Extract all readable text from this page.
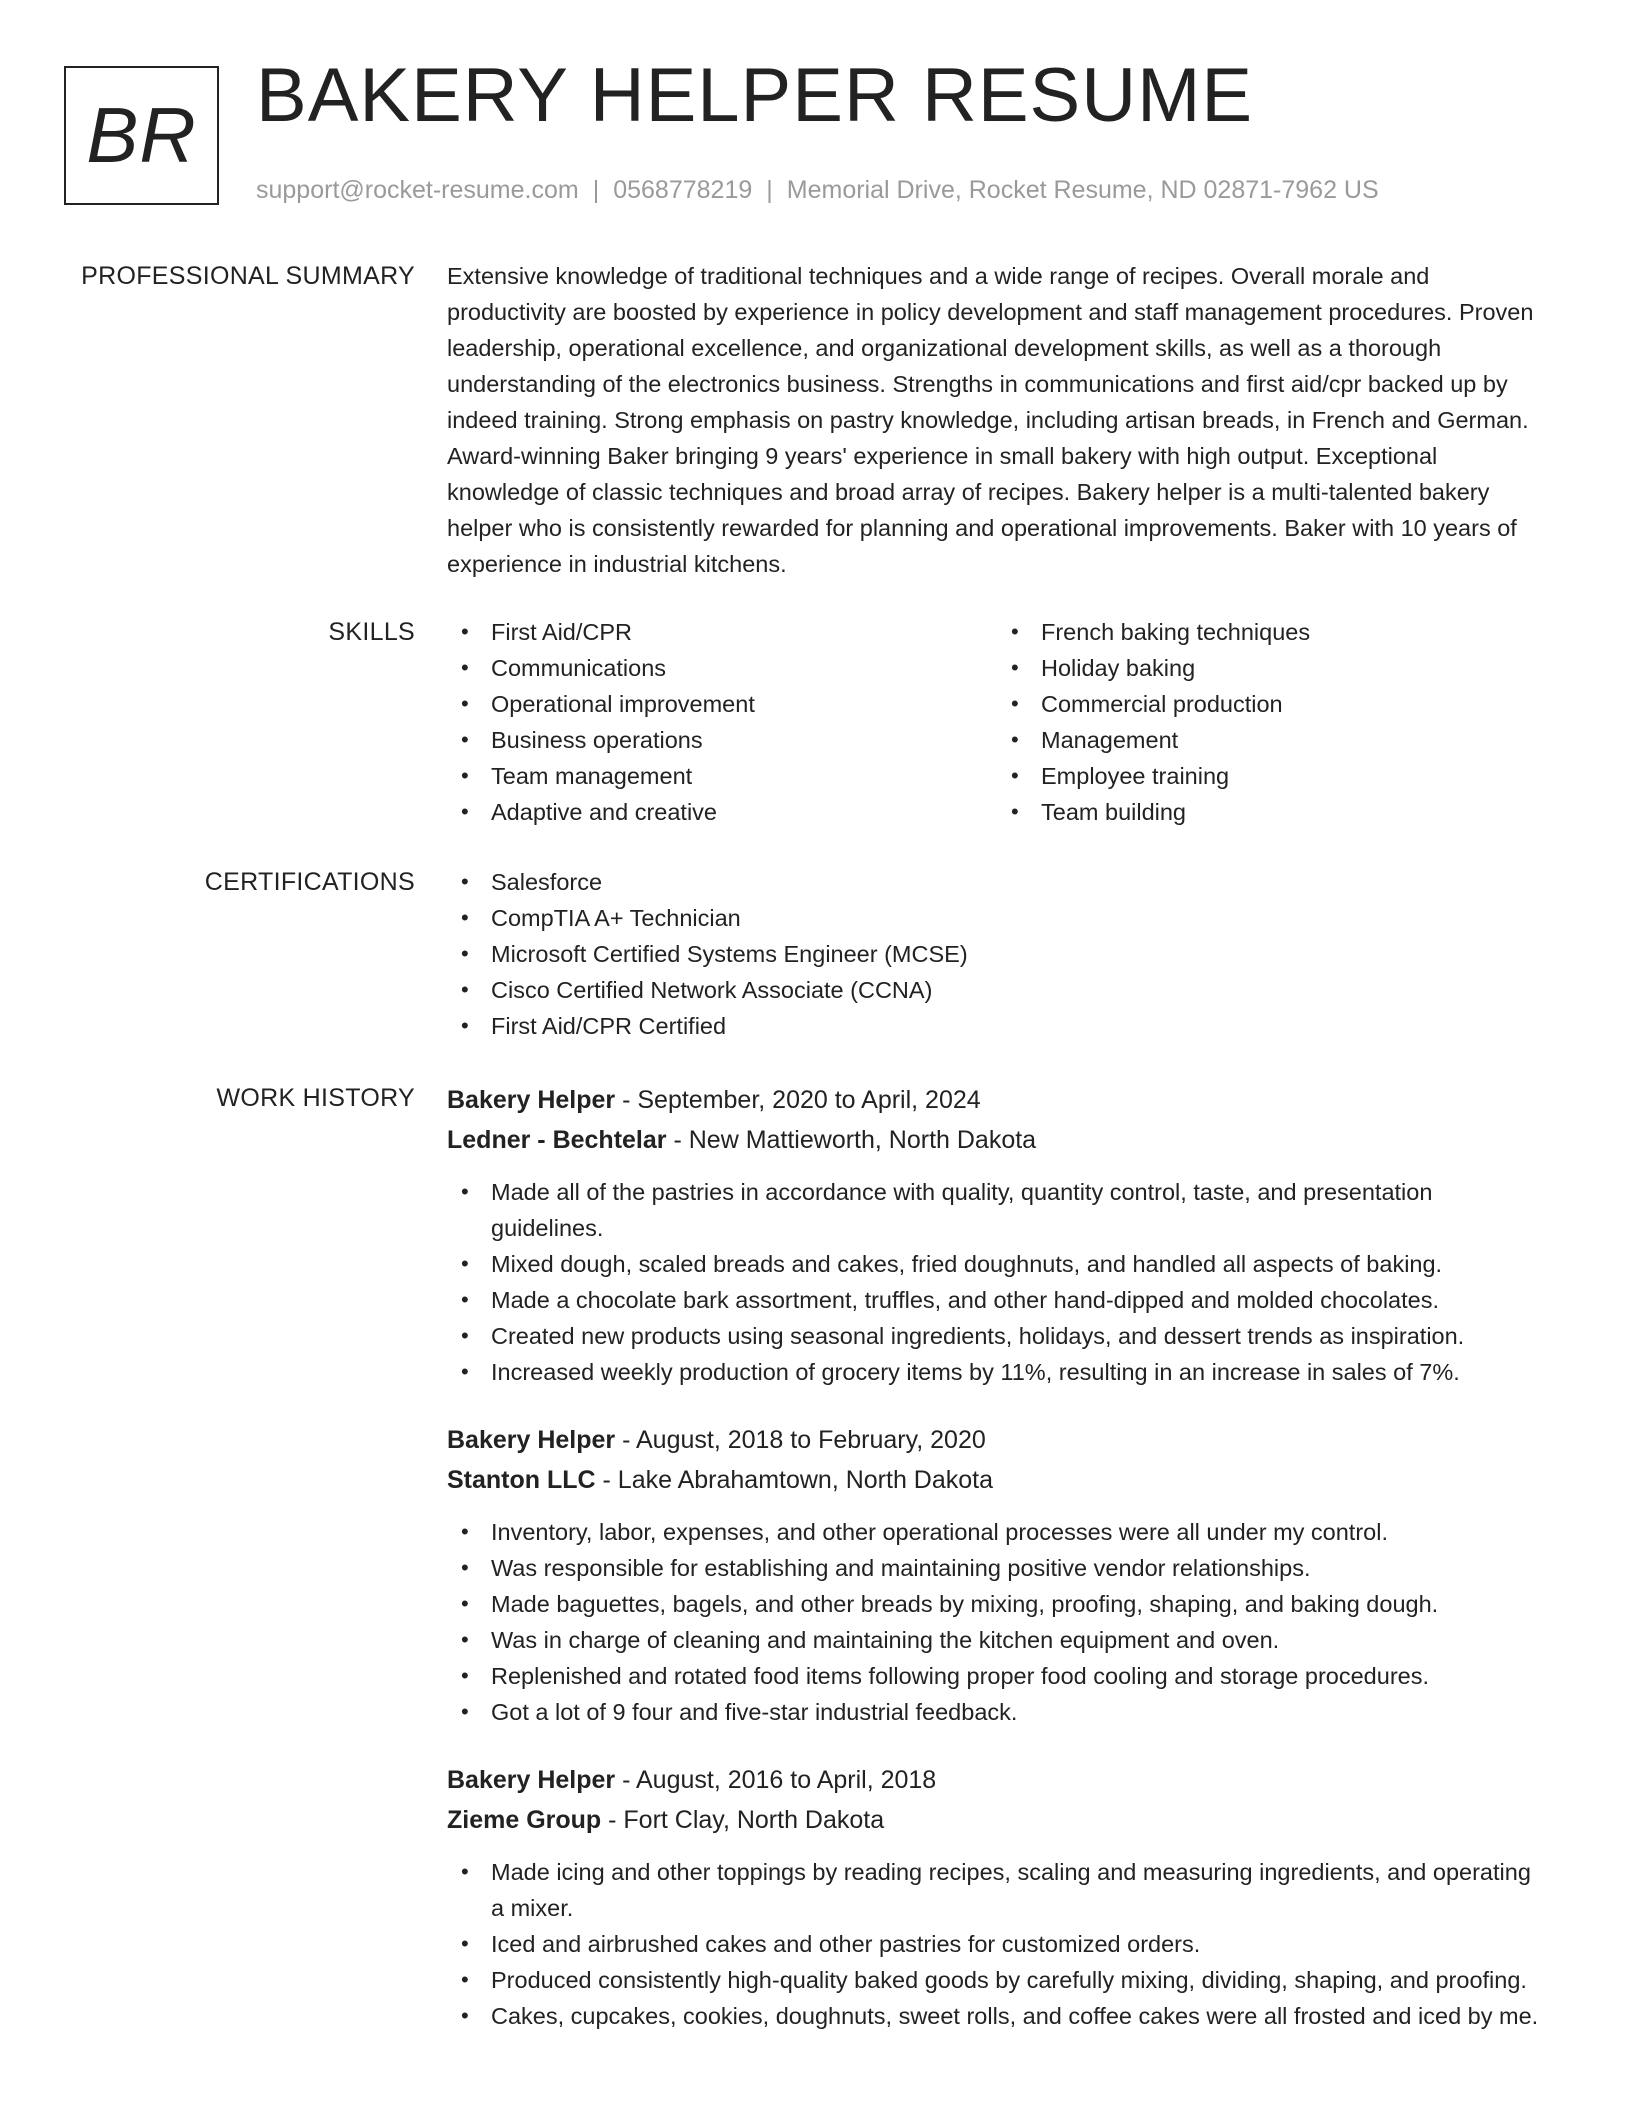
BR BAKERY HELPER RESUME
support@rocket-resume.com | 0568778219 | Memorial Drive, Rocket Resume, ND 02871-7962 US
PROFESSIONAL SUMMARY Extensive knowledge of traditional techniques and a wide range of recipes. Overall morale and productivity are boosted by experience in policy development and staff management procedures. Proven leadership, operational excellence, and organizational development skills, as well as a thorough understanding of the electronics business. Strengths in communications and first aid/cpr backed up by indeed training. Strong emphasis on pastry knowledge, including artisan breads, in French and German. Award-winning Baker bringing 9 years' experience in small bakery with high output. Exceptional knowledge of classic techniques and broad array of recipes. Bakery helper is a multi-talented bakery helper who is consistently rewarded for planning and operational improvements. Baker with 10 years of experience in industrial kitchens.

SKILLS	• First Aid/CPR
• Communications
• Operational improvement
• Business operations
• Team management
• Adaptive and creative
• French baking techniques
• Holiday baking
• Commercial production
• Management
• Employee training
• Team building
CERTIFICATIONS	• Salesforce
• CompTIA A+ Technician
• Microsoft Certified Systems Engineer (MCSE)
• Cisco Certified Network Associate (CCNA)
• First Aid/CPR Certified
WORK HISTORY Bakery Helper - September, 2020 to April, 2024
Ledner - Bechtelar - New Mattieworth, North Dakota
• Made all of the pastries in accordance with quality, quantity control, taste, and presentation guidelines.
• Mixed dough, scaled breads and cakes, fried doughnuts, and handled all aspects of baking.
• Made a chocolate bark assortment, truffles, and other hand-dipped and molded chocolates.
• Created new products using seasonal ingredients, holidays, and dessert trends as inspiration.
• Increased weekly production of grocery items by 11%, resulting in an increase in sales of 7%.
Bakery Helper - August, 2018 to February, 2020
Stanton LLC - Lake Abrahamtown, North Dakota
• Inventory, labor, expenses, and other operational processes were all under my control.
• Was responsible for establishing and maintaining positive vendor relationships.
• Made baguettes, bagels, and other breads by mixing, proofing, shaping, and baking dough.
• Was in charge of cleaning and maintaining the kitchen equipment and oven.
• Replenished and rotated food items following proper food cooling and storage procedures.
• Got a lot of 9 four and five-star industrial feedback.
Bakery Helper - August, 2016 to April, 2018
Zieme Group - Fort Clay, North Dakota
• Made icing and other toppings by reading recipes, scaling and measuring ingredients, and operating a mixer.
• Iced and airbrushed cakes and other pastries for customized orders.
• Produced consistently high-quality baked goods by carefully mixing, dividing, shaping, and proofing.
• Cakes, cupcakes, cookies, doughnuts, sweet rolls, and coffee cakes were all frosted and iced by me.
